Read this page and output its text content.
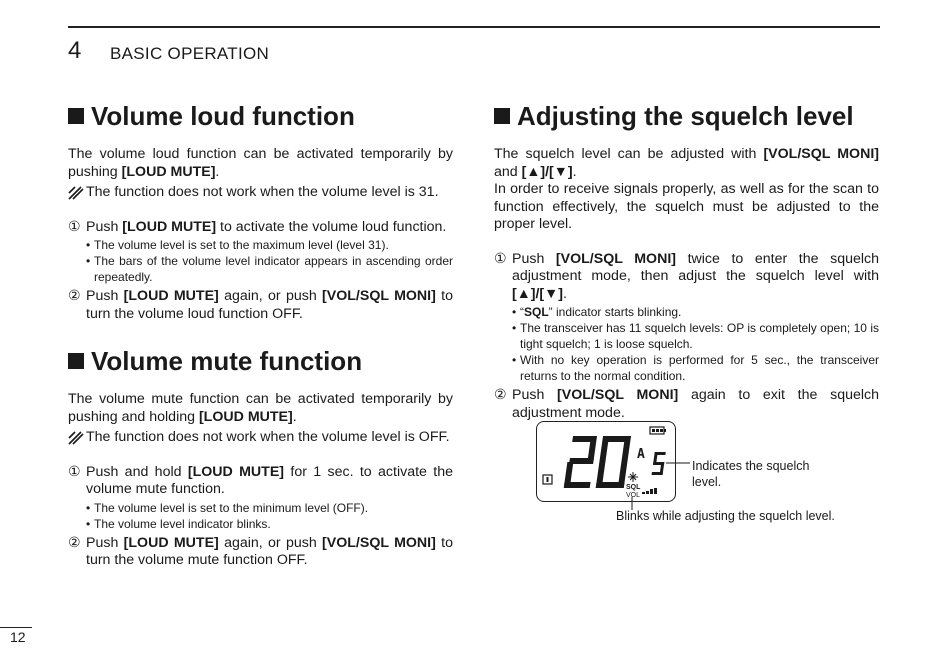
4 BASIC OPERATION
Volume loud function

The volume loud function can be activated temporarily by pushing [LOUD MUTE].

The function does not work when the volume level is 31.
① Push [LOUD MUTE] to activate the volume loud function.
• The volume level is set to the maximum level (level 31).
• The bars of the volume level indicator appears in ascending order repeatedly.
② Push [LOUD MUTE] again, or push [VOL/SQL MONI] to turn the volume loud function OFF.
Volume mute function

The volume mute function can be activated temporarily by pushing and holding [LOUD MUTE].

The function does not work when the volume level is OFF.
① Push and hold [LOUD MUTE] for 1 sec. to activate the volume mute function.
• The volume level is set to the minimum level (OFF).
• The volume level indicator blinks.
② Push [LOUD MUTE] again, or push [VOL/SQL MONI] to turn the volume mute function OFF.
Adjusting the squelch level

The squelch level can be adjusted with [VOL/SQL MONI] and [▲]/[▼].

In order to receive signals properly, as well as for the scan to function effectively, the squelch must be adjusted to the proper level.

① Push [VOL/SQL MONI] twice to enter the squelch adjustment mode, then adjust the squelch level with [▲]/[▼].
• “SQL” indicator starts blinking.
• The transceiver has 11 squelch levels: OP is completely open; 10 is tight squelch; 1 is loose squelch.
• With no key operation is performed for 5 sec., the transceiver returns to the normal condition.
② Push [VOL/SQL MONI] again to exit the squelch adjustment mode.
A
SQL
VOL
Indicates the squelch level.
Blinks while adjusting the squelch level.
12
